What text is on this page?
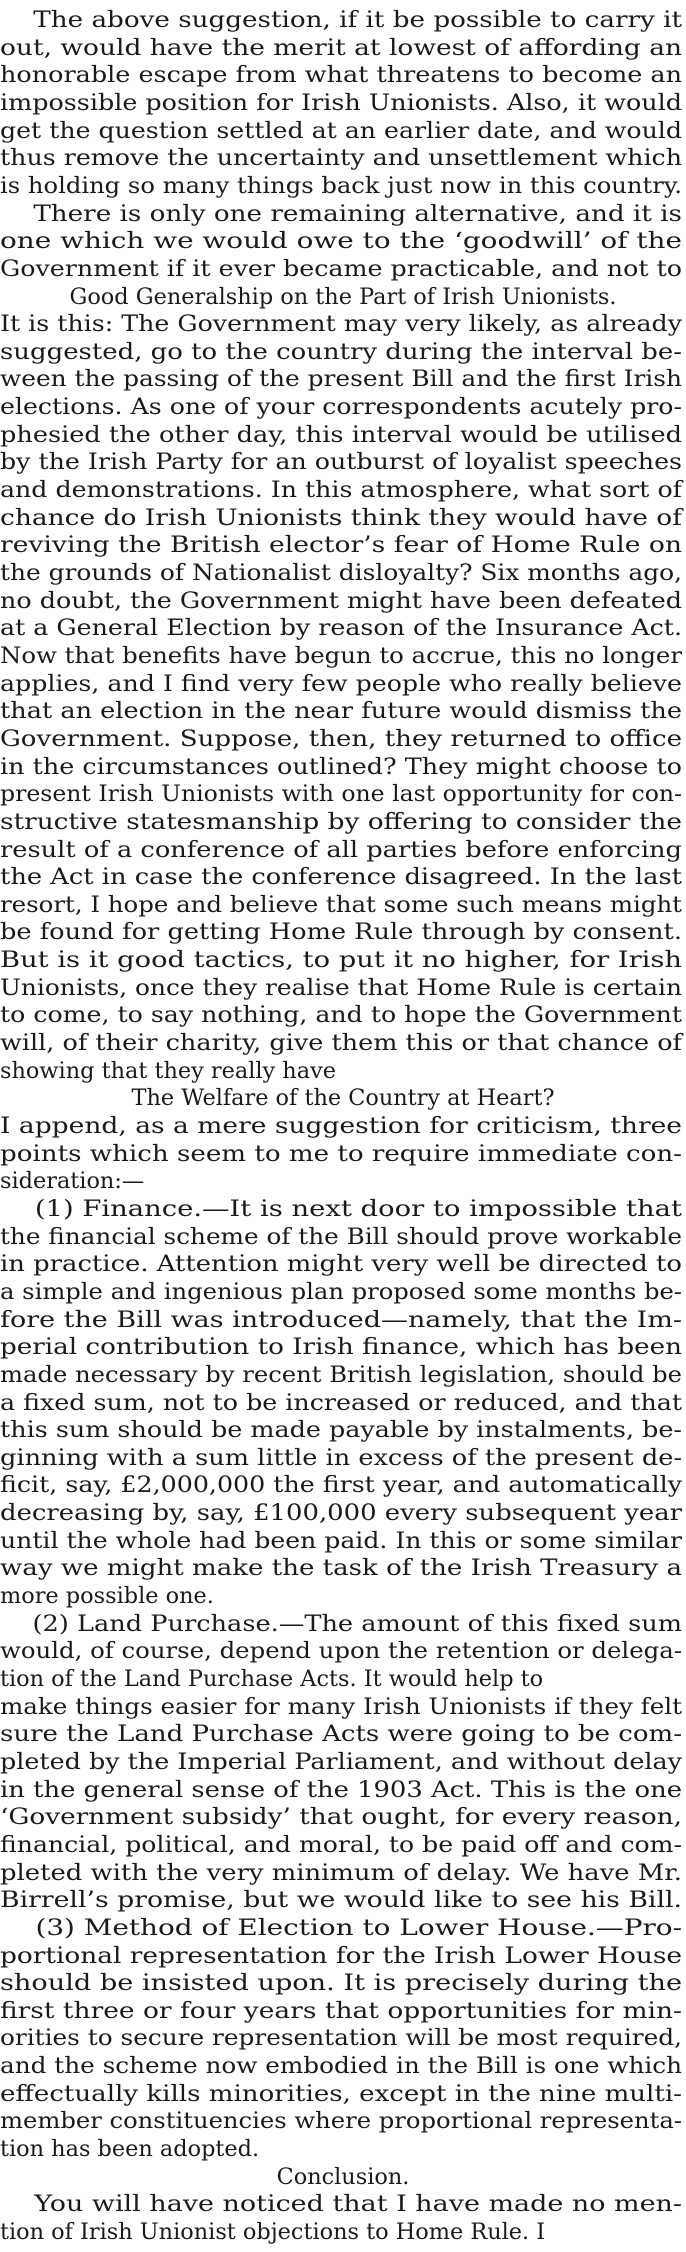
The above suggestion, if it be possible to carry it
out, would have the merit at lowest of affording an
honorable escape from what threatens to become an
impossible position for Irish Unionists. Also, it would
get the question settled at an earlier date, and would
thus remove the uncertainty and unsettlement which
is holding so many things back just now in this country.
There is only one remaining alternative, and it is
one which we would owe to the ‘goodwill’ of the
Government if it ever became practicable, and not to
Good Generalship on the Part of Irish Unionists.
It is this: The Government may very likely, as already
suggested, go to the country during the interval be-
ween the passing of the present Bill and the first Irish
elections. As one of your correspondents acutely pro-
phesied the other day, this interval would be utilised
by the Irish Party for an outburst of loyalist speeches
and demonstrations. In this atmosphere, what sort of
chance do Irish Unionists think they would have of
reviving the British elector’s fear of Home Rule on
the grounds of Nationalist disloyalty? Six months ago,
no doubt, the Government might have been defeated
at a General Election by reason of the Insurance Act.
Now that benefits have begun to accrue, this no longer
applies, and I find very few people who really believe
that an election in the near future would dismiss the
Government. Suppose, then, they returned to office
in the circumstances outlined? They might choose to
present Irish Unionists with one last opportunity for con-
structive statesmanship by offering to consider the
result of a conference of all parties before enforcing
the Act in case the conference disagreed. In the last
resort, I hope and believe that some such means might
be found for getting Home Rule through by consent.
But is it good tactics, to put it no higher, for Irish
Unionists, once they realise that Home Rule is certain
to come, to say nothing, and to hope the Government
will, of their charity, give them this or that chance of
showing that they really have
The Welfare of the Country at Heart?
I append, as a mere suggestion for criticism, three
points which seem to me to require immediate con-
sideration:—
(1) Finance.—It is next door to impossible that
the financial scheme of the Bill should prove workable
in practice. Attention might very well be directed to
a simple and ingenious plan proposed some months be-
fore the Bill was introduced—namely, that the Im-
perial contribution to Irish finance, which has been
made necessary by recent British legislation, should be
a fixed sum, not to be increased or reduced, and that
this sum should be made payable by instalments, be-
ginning with a sum little in excess of the present de-
ficit, say, £2,000,000 the first year, and automatically
decreasing by, say, £100,000 every subsequent year
until the whole had been paid. In this or some similar
way we might make the task of the Irish Treasury a
more possible one.
(2) Land Purchase.—The amount of this fixed sum
would, of course, depend upon the retention or delega-
tion of the Land Purchase Acts. It would help to
make things easier for many Irish Unionists if they felt
sure the Land Purchase Acts were going to be com-
pleted by the Imperial Parliament, and without delay
in the general sense of the 1903 Act. This is the one
‘Government subsidy’ that ought, for every reason,
financial, political, and moral, to be paid off and com-
pleted with the very minimum of delay. We have Mr.
Birrell’s promise, but we would like to see his Bill.
(3) Method of Election to Lower House.—Pro-
portional representation for the Irish Lower House
should be insisted upon. It is precisely during the
first three or four years that opportunities for min-
orities to secure representation will be most required,
and the scheme now embodied in the Bill is one which
effectually kills minorities, except in the nine multi-
member constituencies where proportional representa-
tion has been adopted.
Conclusion.
You will have noticed that I have made no men-
tion of Irish Unionist objections to Home Rule. I
